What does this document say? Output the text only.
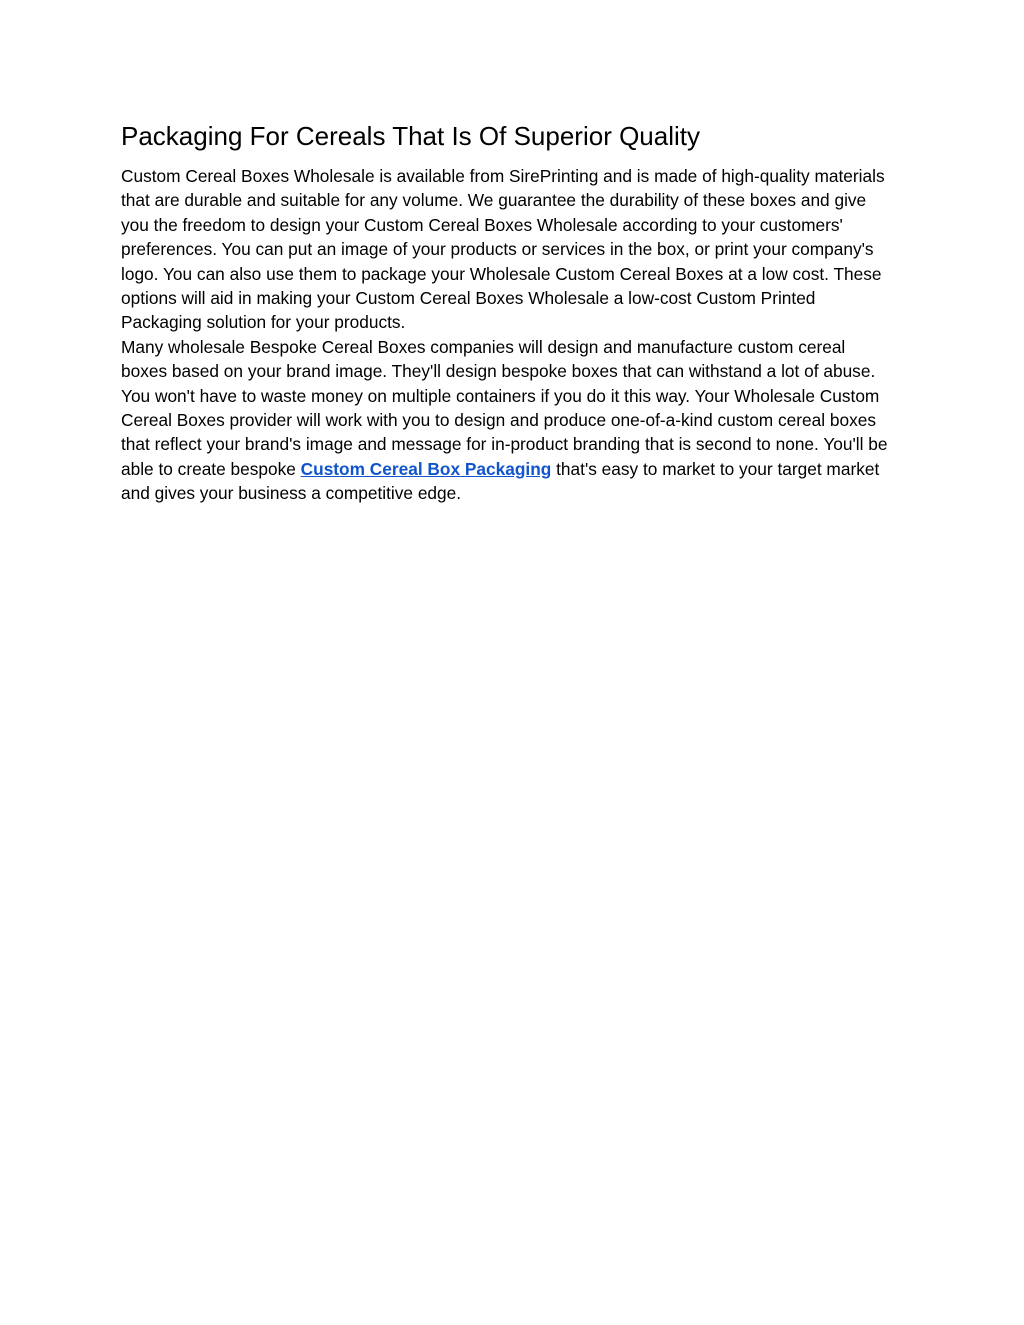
Packaging For Cereals That Is Of Superior Quality

Custom Cereal Boxes Wholesale is available from SirePrinting and is made of high-quality materials that are durable and suitable for any volume. We guarantee the durability of these boxes and give you the freedom to design your Custom Cereal Boxes Wholesale according to your customers' preferences. You can put an image of your products or services in the box, or print your company's logo. You can also use them to package your Wholesale Custom Cereal Boxes at a low cost. These options will aid in making your Custom Cereal Boxes Wholesale a low-cost Custom Printed Packaging solution for your products.

Many wholesale Bespoke Cereal Boxes companies will design and manufacture custom cereal boxes based on your brand image. They'll design bespoke boxes that can withstand a lot of abuse. You won't have to waste money on multiple containers if you do it this way. Your Wholesale Custom Cereal Boxes provider will work with you to design and produce one-of-a-kind custom cereal boxes that reflect your brand's image and message for in-product branding that is second to none. You'll be able to create bespoke Custom Cereal Box Packaging that's easy to market to your target market and gives your business a competitive edge.
